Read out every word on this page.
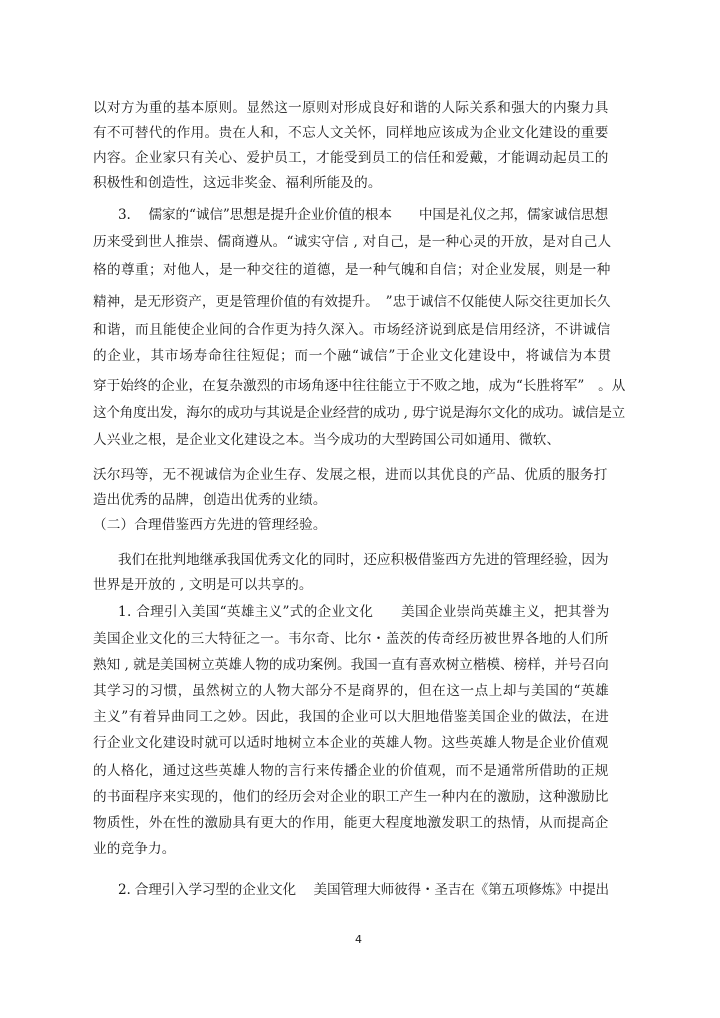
以对方为重的基本原则。显然这一原则对形成良好和谐的人际关系和强大的内聚力具
有不可替代的作用。贵在人和，不忘人文关怀，同样地应该成为企业文化建设的重要
内容。企业家只有关心、爱护员工，才能受到员工的信任和爱戴，才能调动起员工的
积极性和创造性，这远非奖金、福利所能及的。
3.　 儒家的“诚信”思想是提升企业价值的根本　　中国是礼仪之邦，儒家诚信思想
历来受到世人推崇、儒商遵从。“诚实守信 , 对自己，是一种心灵的开放，是对自己人
格的尊重；对他人，是一种交往的道德，是一种气魄和自信；对企业发展，则是一种
精神，是无形资产，更是管理价值的有效提升。　”忠于诚信不仅能使人际交往更加长久
和谐，而且能使企业间的合作更为持久深入。市场经济说到底是信用经济，不讲诚信
的企业，其市场寿命往往短促；而一个融“诚信”于企业文化建设中，将诚信为本贯
穿于始终的企业，在复杂激烈的市场角逐中往往能立于不败之地，成为“长胜将军”　。从
这个角度出发，海尔的成功与其说是企业经营的成功 , 毋宁说是海尔文化的成功。诚信是立
人兴业之根，是企业文化建设之本。当今成功的大型跨国公司如通用、微软、
沃尔玛等，无不视诚信为企业生存、发展之根，进而以其优良的产品、优质的服务打
造出优秀的品牌，创造出优秀的业绩。
（二）合理借鉴西方先进的管理经验。
我们在批判地继承我国优秀文化的同时，还应积极借鉴西方先进的管理经验，因为
世界是开放的 , 文明是可以共享的。
1. 合理引入美国“英雄主义”式的企业文化　　美国企业崇尚英雄主义，把其誉为
美国企业文化的三大特征之一。韦尔奇、比尔・盖茨的传奇经历被世界各地的人们所
熟知 , 就是美国树立英雄人物的成功案例。我国一直有喜欢树立楷模、榜样，并号召向
其学习的习惯，虽然树立的人物大部分不是商界的，但在这一点上却与美国的“英雄
主义”有着异曲同工之妙。因此，我国的企业可以大胆地借鉴美国企业的做法，在进
行企业文化建设时就可以适时地树立本企业的英雄人物。这些英雄人物是企业价值观
的人格化，通过这些英雄人物的言行来传播企业的价值观，而不是通常所借助的正规
的书面程序来实现的，他们的经历会对企业的职工产生一种内在的激励，这种激励比
物质性，外在性的激励具有更大的作用，能更大程度地激发职工的热情，从而提高企
业的竞争力。
2. 合理引入学习型的企业文化　 美国管理大师彼得・圣吉在《第五项修炼》中提出
4
